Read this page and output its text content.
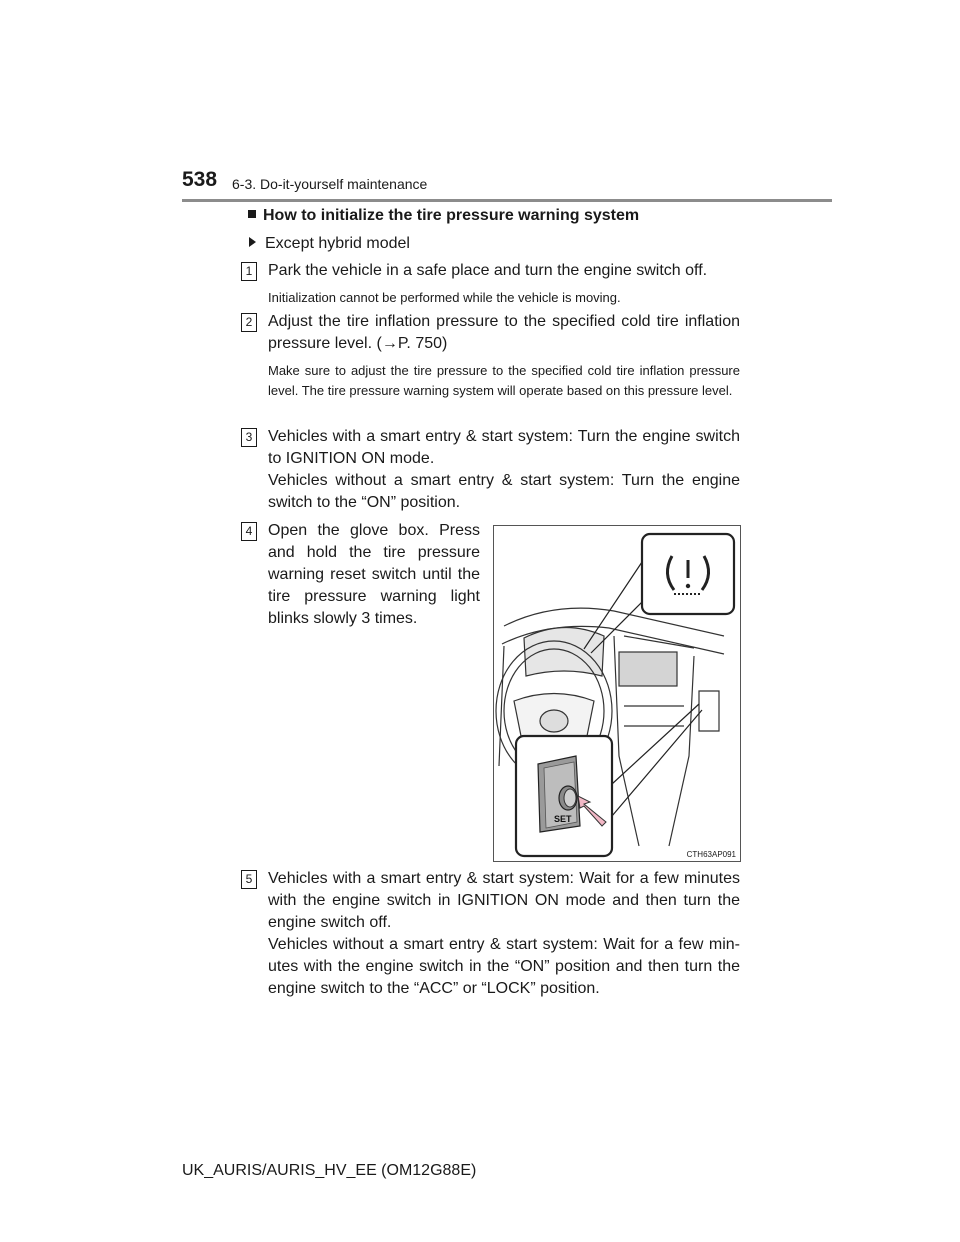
538 6-3. Do-it-yourself maintenance
How to initialize the tire pressure warning system
Except hybrid model
1 Park the vehicle in a safe place and turn the engine switch off.
Initialization cannot be performed while the vehicle is moving.
2 Adjust the tire inflation pressure to the specified cold tire inflation pressure level. (→P. 750)
Make sure to adjust the tire pressure to the specified cold tire inflation pressure level. The tire pressure warning system will operate based on this pressure level.
3 Vehicles with a smart entry & start system: Turn the engine switch to IGNITION ON mode.
Vehicles without a smart entry & start system: Turn the engine switch to the “ON” position.
4 Open the glove box. Press and hold the tire pressure warning reset switch until the tire pressure warning light blinks slowly 3 times.
SET
CTH63AP091
5 Vehicles with a smart entry & start system: Wait for a few minutes with the engine switch in IGNITION ON mode and then turn the engine switch off.
Vehicles without a smart entry & start system: Wait for a few min-utes with the engine switch in the “ON” position and then turn the engine switch to the “ACC” or “LOCK” position.
UK_AURIS/AURIS_HV_EE (OM12G88E)
